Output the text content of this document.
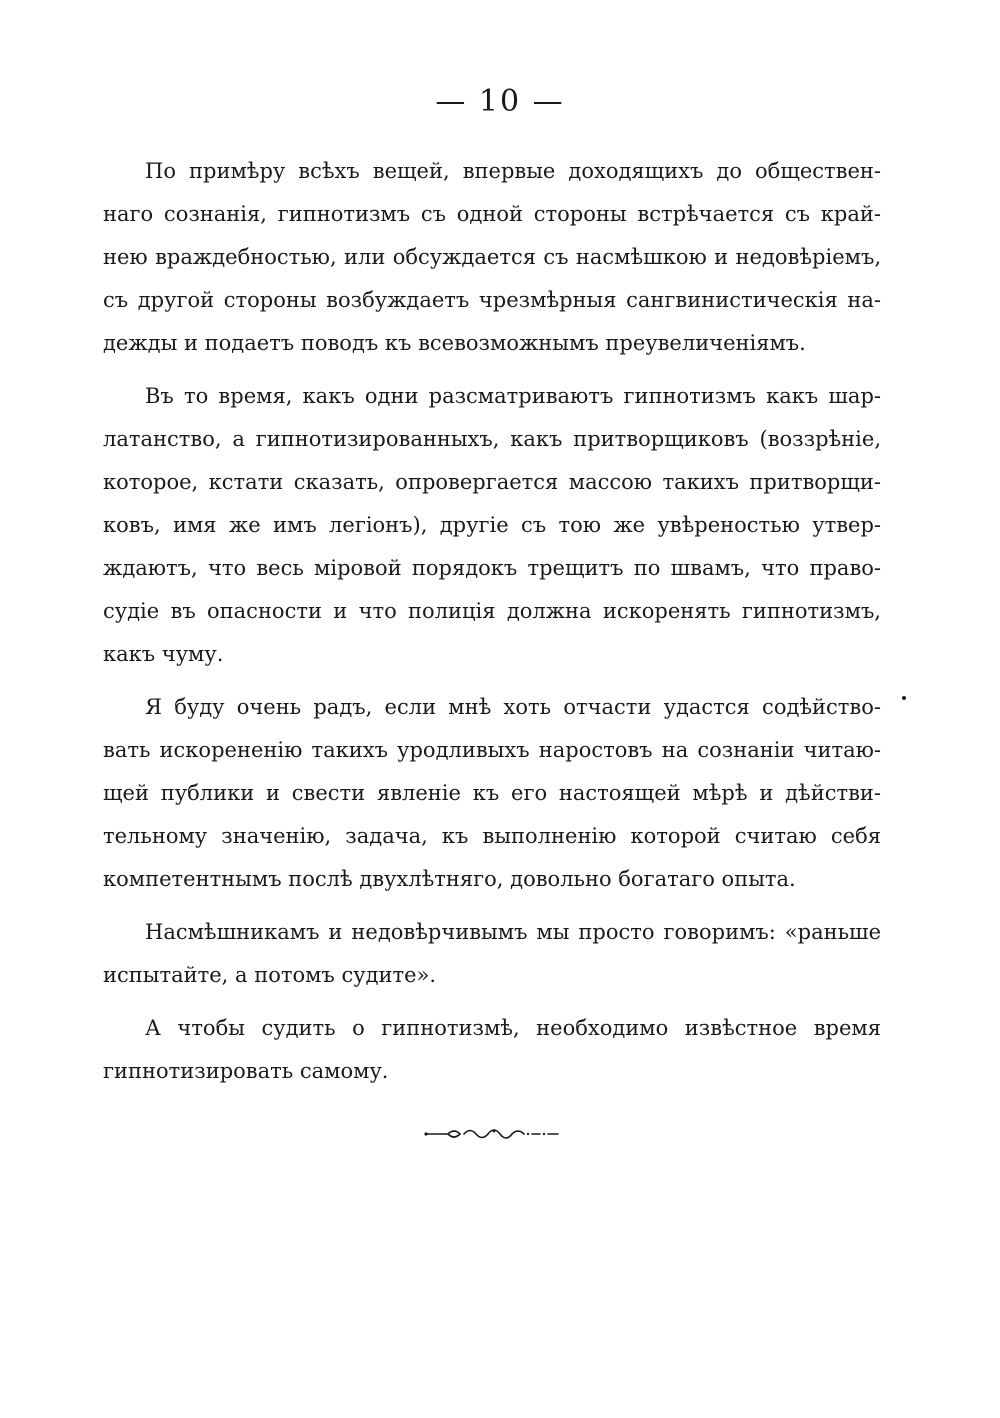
— 10 —

По примѣру всѣхъ вещей, впервые доходящихъ до обществен-
наго сознанія, гипнотизмъ съ одной стороны встрѣчается съ край-
нею враждебностью, или обсуждается съ насмѣшкою и недовѣріемъ,
съ другой стороны возбуждаетъ чрезмѣрныя сангвинистическія на-
дежды и подаетъ поводъ къ всевозможнымъ преувеличеніямъ.

Въ то время, какъ одни разсматриваютъ гипнотизмъ какъ шар-
латанство, а гипнотизированныхъ, какъ притворщиковъ (воззрѣніе,
которое, кстати сказать, опровергается массою такихъ притворщи-
ковъ, имя же имъ легіонъ), другіе съ тою же увѣреностью утвер-
ждаютъ, что весь міровой порядокъ трещитъ по швамъ, что право-
судіе въ опасности и что полиція должна искоренять гипнотизмъ,
какъ чуму.

Я буду очень радъ, если мнѣ хоть отчасти удастся содѣйство-
вать искорененію такихъ уродливыхъ наростовъ на сознаніи читаю-
щей публики и свести явленіе къ его настоящей мѣрѣ и дѣйстви-
тельному значенію, задача, къ выполненію которой считаю себя
компетентнымъ послѣ двухлѣтняго, довольно богатаго опыта.

Насмѣшникамъ и недовѣрчивымъ мы просто говоримъ: «раньше
испытайте, а потомъ судите».

А чтобы судить о гипнотизмѣ, необходимо извѣстное время
гипнотизировать самому.
